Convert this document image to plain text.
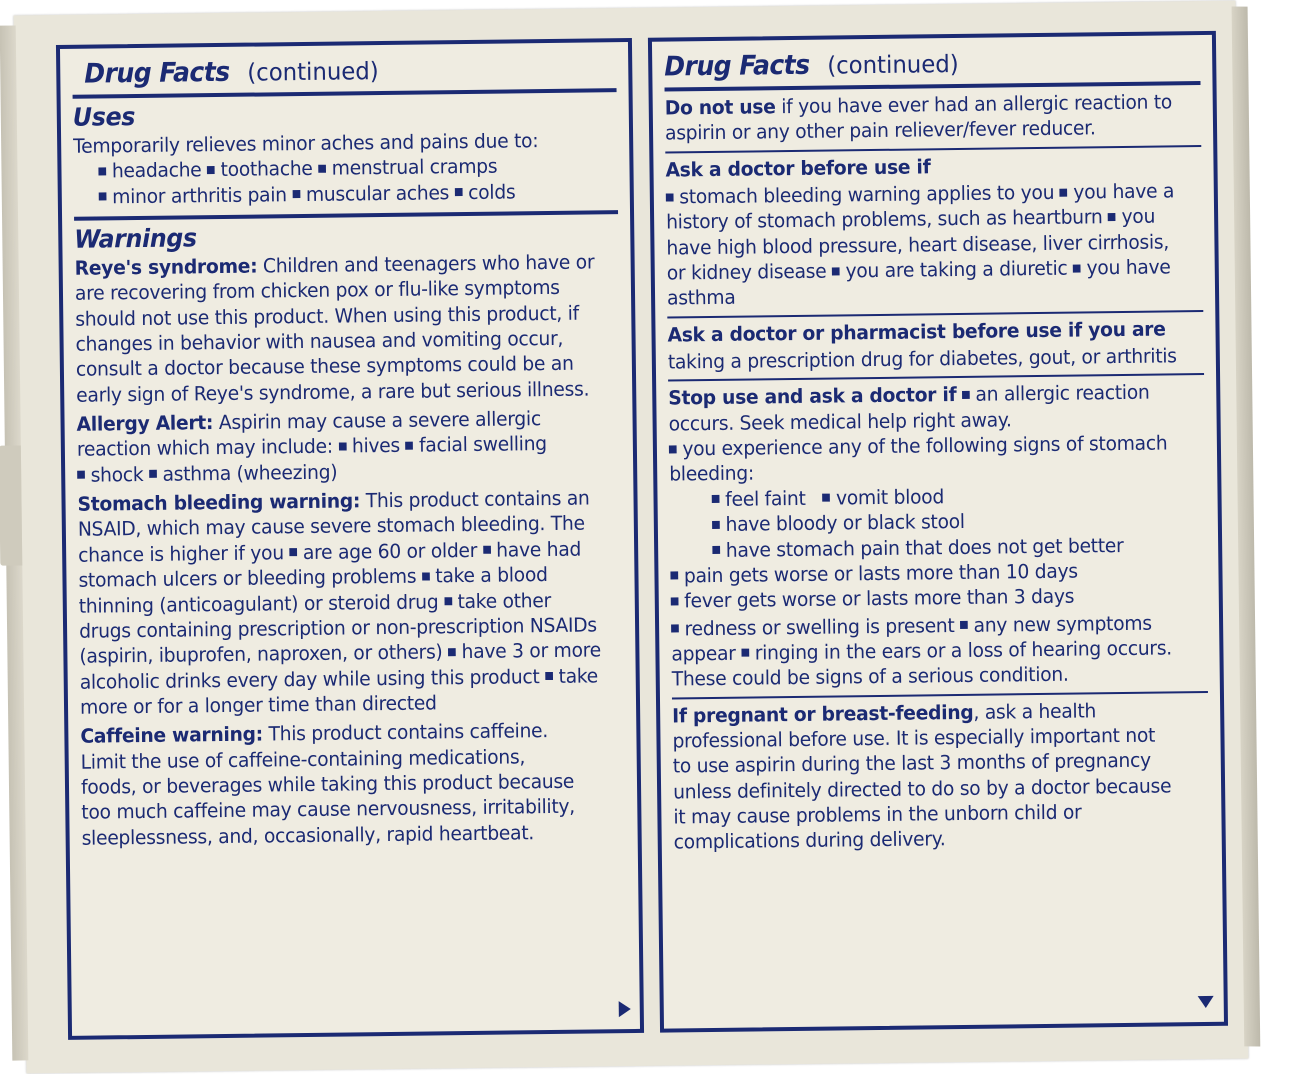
Drug Facts (continued)
Uses
Temporarily relieves minor aches and pains due to:
headache toothache menstrual cramps
minor arthritis pain muscular aches colds
Warnings
Reye's syndrome: Children and teenagers who have or are recovering from chicken pox or flu-like symptoms should not use this product. When using this product, if changes in behavior with nausea and vomiting occur, consult a doctor because these symptoms could be an early sign of Reye's syndrome, a rare but serious illness.
Allergy Alert: Aspirin may cause a severe allergic reaction which may include: hives facial swelling
shock asthma (wheezing)
Stomach bleeding warning: This product contains an NSAID, which may cause severe stomach bleeding. The chance is higher if you are age 60 or older have had stomach ulcers or bleeding problems take a blood thinning (anticoagulant) or steroid drug take other drugs containing prescription or non-prescription NSAIDs (aspirin, ibuprofen, naproxen, or others) have 3 or more alcoholic drinks every day while using this product take more or for a longer time than directed
Caffeine warning: This product contains caffeine. Limit the use of caffeine-containing medications, foods, or beverages while taking this product because too much caffeine may cause nervousness, irritability, sleeplessness, and, occasionally, rapid heartbeat.
Drug Facts (continued)
Do not use if you have ever had an allergic reaction to aspirin or any other pain reliever/fever reducer.
Ask a doctor before use if
stomach bleeding warning applies to you you have a history of stomach problems, such as heartburn you have high blood pressure, heart disease, liver cirrhosis, or kidney disease you are taking a diuretic you have asthma
Ask a doctor or pharmacist before use if you are
taking a prescription drug for diabetes, gout, or arthritis
Stop use and ask a doctor if an allergic reaction occurs. Seek medical help right away.
you experience any of the following signs of stomach bleeding:
feel faint vomit blood
have bloody or black stool
have stomach pain that does not get better
pain gets worse or lasts more than 10 days
fever gets worse or lasts more than 3 days
redness or swelling is present any new symptoms appear ringing in the ears or a loss of hearing occurs. These could be signs of a serious condition.
If pregnant or breast-feeding, ask a health professional before use. It is especially important not to use aspirin during the last 3 months of pregnancy unless definitely directed to do so by a doctor because it may cause problems in the unborn child or complications during delivery.
